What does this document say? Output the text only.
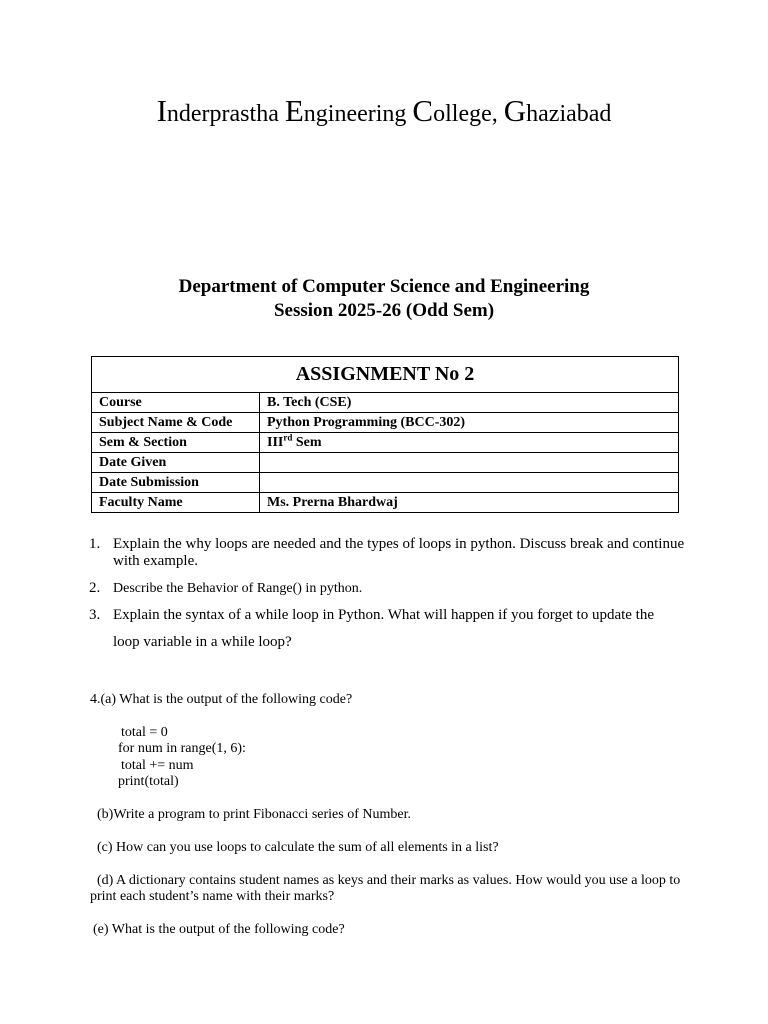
Inderprastha Engineering College, Ghaziabad
Department of Computer Science and Engineering
Session 2025-26 (Odd Sem)
ASSIGNMENT No 2	
Course	B. Tech (CSE)
Subject Name & Code	Python Programming (BCC-302)
Sem & Section	IIIrd Sem
Date Given	
Date Submission	
Faculty Name	Ms. Prerna Bhardwaj
1. Explain the why loops are needed and the types of loops in python. Discuss break and continue with example.
2. Describe the Behavior of Range() in python.
3. Explain the syntax of a while loop in Python. What will happen if you forget to update the
loop variable in a while loop?
4.(a) What is the output of the following code?
total = 0
for num in range(1, 6):
total += num
print(total)
(b)Write a program to print Fibonacci series of Number.
(c) How can you use loops to calculate the sum of all elements in a list?
(d) A dictionary contains student names as keys and their marks as values. How would you use a loop to
print each student’s name with their marks?
(e) What is the output of the following code?
